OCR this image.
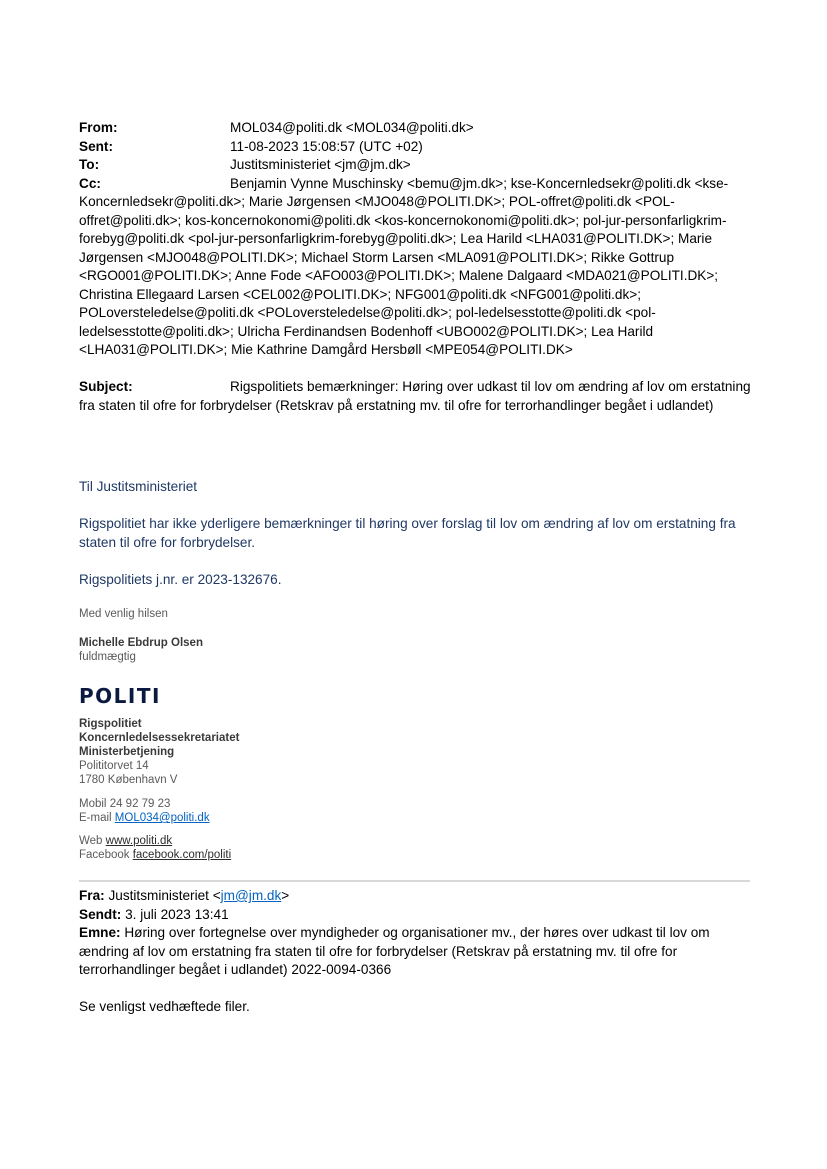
From:	MOL034@politi.dk <MOL034@politi.dk>
Sent:	11-08-2023 15:08:57 (UTC +02)
To:	Justitsministeriet <jm@jm.dk>
Cc:	Benjamin Vynne Muschinsky <bemu@jm.dk>; kse-Koncernledsekr@politi.dk <kse-Koncernledsekr@politi.dk>; Marie Jørgensen <MJO048@POLITI.DK>; POL-offret@politi.dk <POL-offret@politi.dk>; kos-koncernokonomi@politi.dk <kos-koncernokonomi@politi.dk>; pol-jur-personfarligkrim-forebyg@politi.dk <pol-jur-personfarligkrim-forebyg@politi.dk>; Lea Harild <LHA031@POLITI.DK>; Marie Jørgensen <MJO048@POLITI.DK>; Michael Storm Larsen <MLA091@POLITI.DK>; Rikke Gottrup <RGO001@POLITI.DK>; Anne Fode <AFO003@POLITI.DK>; Malene Dalgaard <MDA021@POLITI.DK>; Christina Ellegaard Larsen <CEL002@POLITI.DK>; NFG001@politi.dk <NFG001@politi.dk>; POLoversteledelse@politi.dk <POLoversteledelse@politi.dk>; pol-ledelsesstotte@politi.dk <pol-ledelsesstotte@politi.dk>; Ulricha Ferdinandsen Bodenhoff <UBO002@POLITI.DK>; Lea Harild <LHA031@POLITI.DK>; Mie Kathrine Damgård Hersbøll <MPE054@POLITI.DK>
Subject:	Rigspolitiets bemærkninger: Høring over udkast til lov om ændring af lov om erstatning fra staten til ofre for forbrydelser (Retskrav på erstatning mv. til ofre for terrorhandlinger begået i udlandet)
Til Justitsministeriet
Rigspolitiet har ikke yderligere bemærkninger til høring over forslag til lov om ændring af lov om erstatning fra staten til ofre for forbrydelser.
Rigspolitiets j.nr. er 2023-132676.
Med venlig hilsen
Michelle Ebdrup Olsen
fuldmægtig
POLITI
Rigspolitiet
Koncernledelsessekretariatet
Ministerbetjening
Polititorvet 14
1780 København V
Mobil 24 92 79 23
E-mail MOL034@politi.dk
Web www.politi.dk
Facebook facebook.com/politi
Fra: Justitsministeriet <jm@jm.dk>
Sendt: 3. juli 2023 13:41
Emne: Høring over fortegnelse over myndigheder og organisationer mv., der høres over udkast til lov om ændring af lov om erstatning fra staten til ofre for forbrydelser (Retskrav på erstatning mv. til ofre for terrorhandlinger begået i udlandet) 2022-0094-0366
Se venligst vedhæftede filer.
